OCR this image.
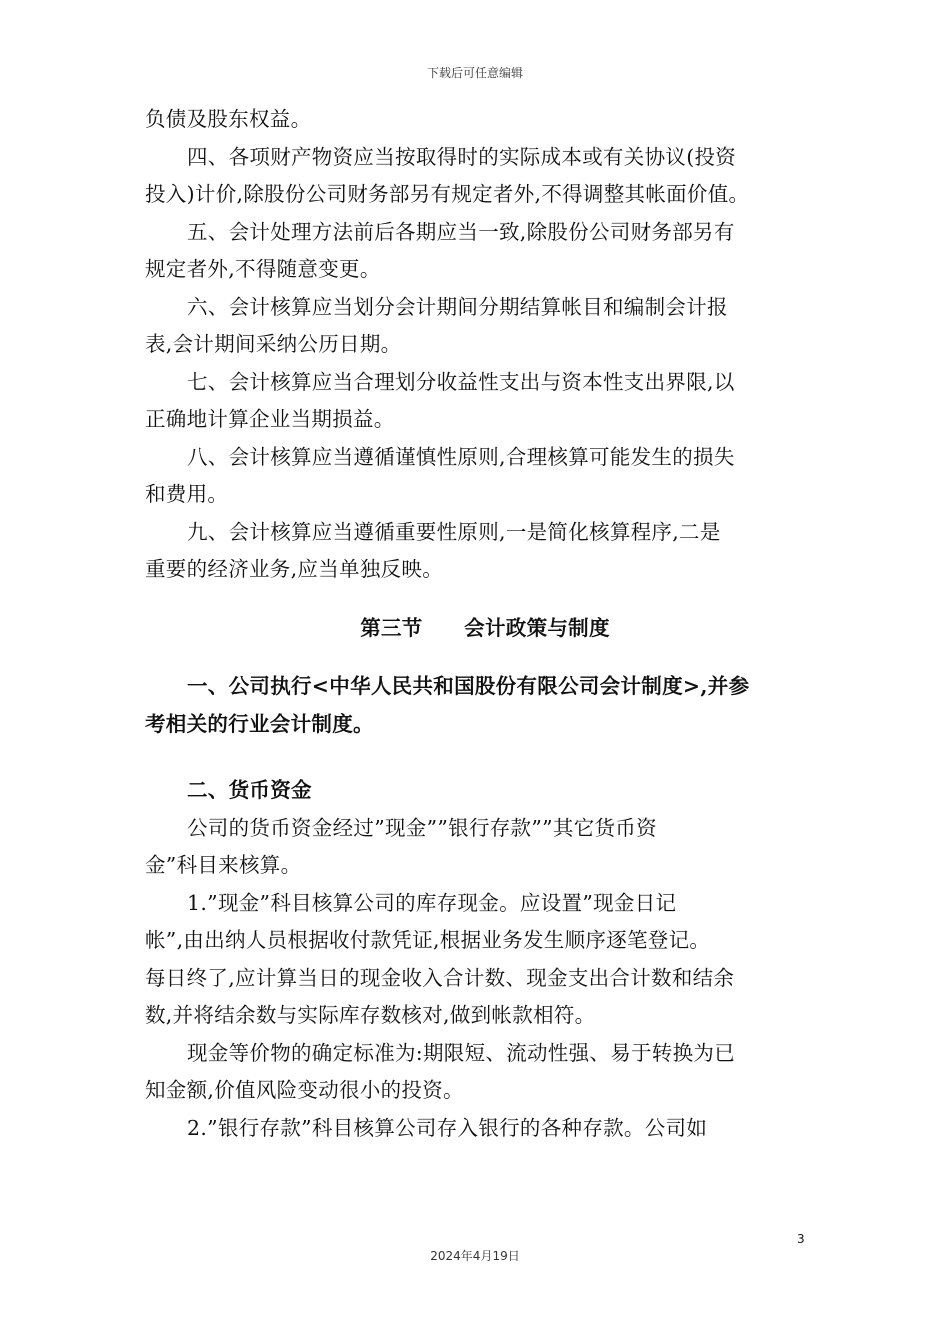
下载后可任意编辑
负债及股东权益。
四、各项财产物资应当按取得时的实际成本或有关协议(投资
投入)计价,除股份公司财务部另有规定者外,不得调整其帐面价值。
五、会计处理方法前后各期应当一致,除股份公司财务部另有
规定者外,不得随意变更。
六、会计核算应当划分会计期间分期结算帐目和编制会计报
表,会计期间采纳公历日期。
七、会计核算应当合理划分收益性支出与资本性支出界限,以
正确地计算企业当期损益。
八、会计核算应当遵循谨慎性原则,合理核算可能发生的损失
和费用。
九、会计核算应当遵循重要性原则,一是简化核算程序,二是
重要的经济业务,应当单独反映。
第三节　　会计政策与制度
一、公司执行<中华人民共和国股份有限公司会计制度>,并参
考相关的行业会计制度。
二、货币资金
公司的货币资金经过”现金””银行存款””其它货币资
金”科目来核算。
1.”现金”科目核算公司的库存现金。应设置”现金日记
帐”,由出纳人员根据收付款凭证,根据业务发生顺序逐笔登记。
每日终了,应计算当日的现金收入合计数、现金支出合计数和结余
数,并将结余数与实际库存数核对,做到帐款相符。
现金等价物的确定标准为:期限短、流动性强、易于转换为已
知金额,价值风险变动很小的投资。
2.”银行存款”科目核算公司存入银行的各种存款。公司如
3
2024年4月19日
